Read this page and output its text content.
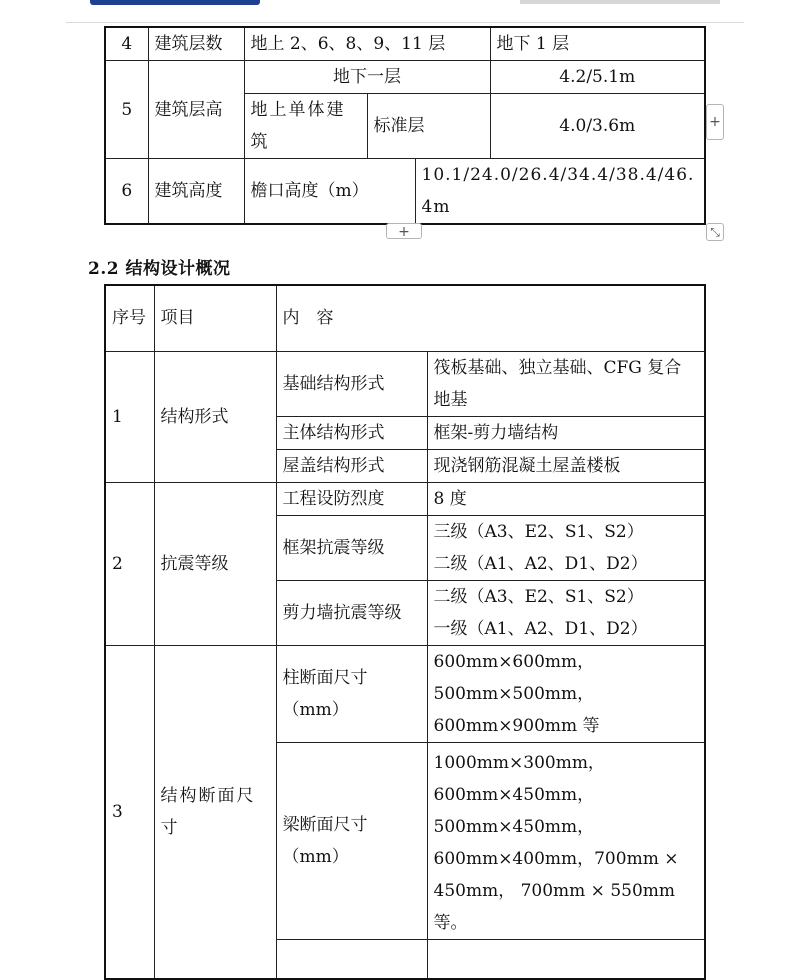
4	建筑层数	地上 2、6、8、9、11 层			地下 1 层
5	建筑层高	地下一层			4.2/5.1m
		地上单体建筑	标准层		4.0/3.6m
6	建筑高度	檐口高度（m）		10.1/24.0/26.4/34.4/38.4/46.4m	
+
+	⤡
2.2 结构设计概况
序号	项目	内　容	
1	结构形式	基础结构形式	筏板基础、独立基础、CFG 复合地基
		主体结构形式	框架-剪力墙结构
		屋盖结构形式	现浇钢筋混凝土屋盖楼板
2	抗震等级	工程设防烈度	8 度
		框架抗震等级	三级（A3、E2、S1、S2）
二级（A1、A2、D1、D2）

		剪力墙抗震等级	二级（A3、E2、S1、S2）
一级（A1、A2、D1、D2）

3	结构断面尺寸	柱断面尺寸（mm）	600mm×600mm，500mm×500mm，600mm×900mm 等
		梁断面尺寸（mm）	1000mm×300mm，600mm×450mm，500mm×450mm，600mm×400mm，700mm × 450mm， 700mm × 550mm 等。
